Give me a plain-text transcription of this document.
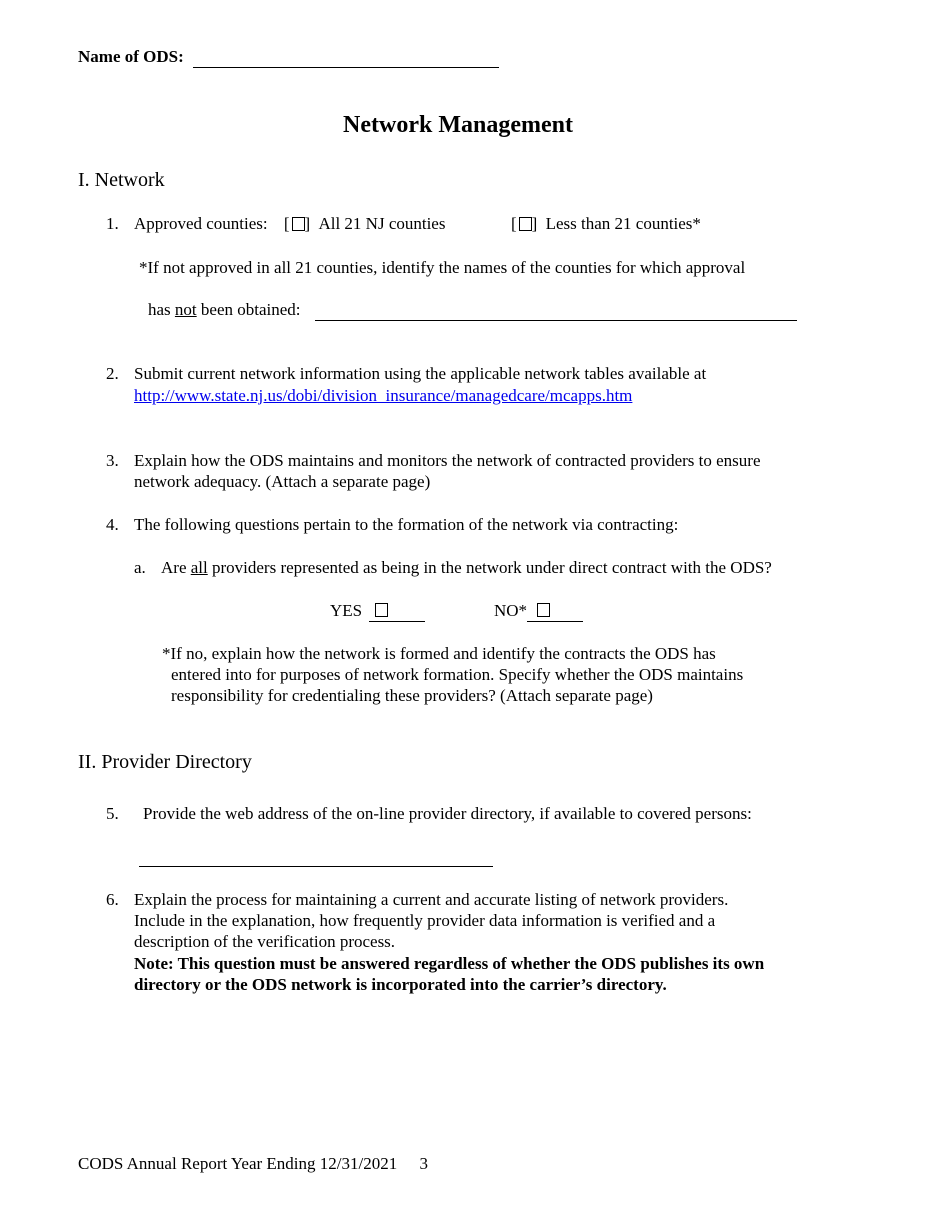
Name of ODS:
Network Management
I. Network
1. Approved counties: [ ] All 21 NJ counties	[ ] Less than 21 counties*
*If not approved in all 21 counties, identify the names of the counties for which approval
has not been obtained:
2. Submit current network information using the applicable network tables available at
http://www.state.nj.us/dobi/division_insurance/managedcare/mcapps.htm
3. Explain how the ODS maintains and monitors the network of contracted providers to ensure
network adequacy. (Attach a separate page)
4. The following questions pertain to the formation of the network via contracting:
a. Are all providers represented as being in the network under direct contract with the ODS?
YES
	NO*

*If no, explain how the network is formed and identify the contracts the ODS has
entered into for purposes of network formation. Specify whether the ODS maintains
responsibility for credentialing these providers? (Attach separate page)
II. Provider Directory
5. Provide the web address of the on-line provider directory, if available to covered persons:

6. Explain the process for maintaining a current and accurate listing of network providers.
Include in the explanation, how frequently provider data information is verified and a
description of the verification process.
Note: This question must be answered regardless of whether the ODS publishes its own
directory or the ODS network is incorporated into the carrier’s directory.
CODS Annual Report Year Ending 12/31/2021 3
